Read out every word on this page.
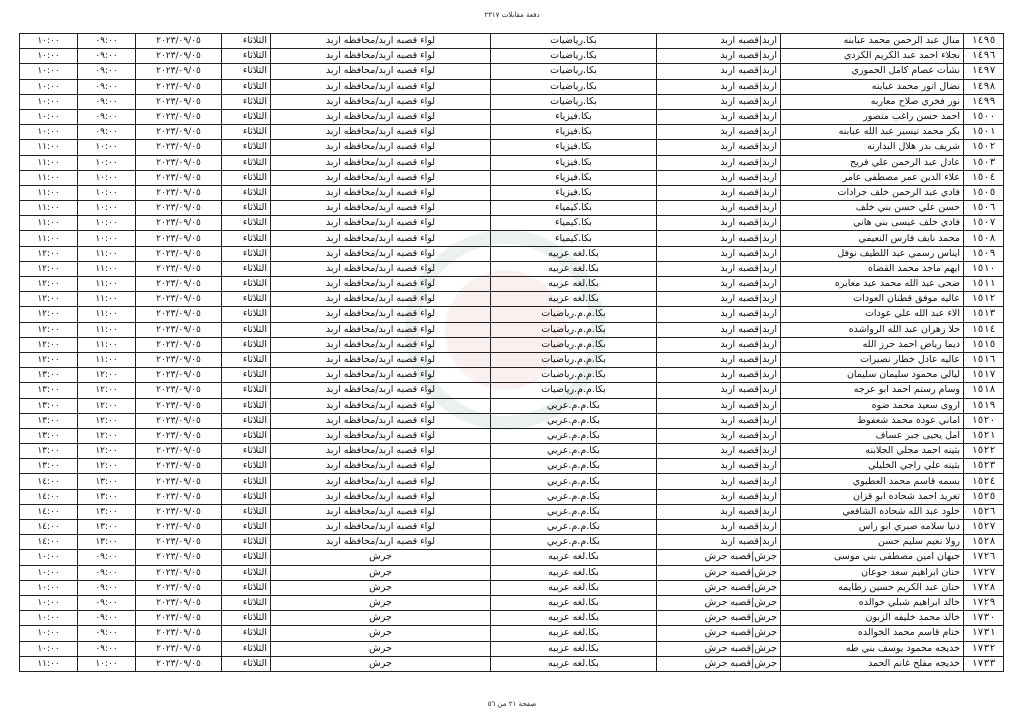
دفعة مقابلات ٢٣١٧
١٤٩٥	منال عبد الرحمن محمد عبابنه	اربد|قصبه اربد	بكا.رياضيات	لواء قصبه اربد/محافظه اربد	الثلاثاء	٢٠٢٣/٠٩/٠٥	٠٩:٠٠	١٠:٠٠
١٤٩٦	نجلاء احمد عبد الكريم الكردي	اربد|قصبه اربد	بكا.رياضيات	لواء قصبه اربد/محافظه اربد	الثلاثاء	٢٠٢٣/٠٩/٠٥	٠٩:٠٠	١٠:٠٠
١٤٩٧	نشأت عصام كامل الحموري	اربد|قصبه اربد	بكا.رياضيات	لواء قصبه اربد/محافظه اربد	الثلاثاء	٢٠٢٣/٠٩/٠٥	٠٩:٠٠	١٠:٠٠
١٤٩٨	نضال انور محمد عبابنه	اربد|قصبه اربد	بكا.رياضيات	لواء قصبه اربد/محافظه اربد	الثلاثاء	٢٠٢٣/٠٩/٠٥	٠٩:٠٠	١٠:٠٠
١٤٩٩	نور فخري صلاح معاربه	اربد|قصبه اربد	بكا.رياضيات	لواء قصبه اربد/محافظه اربد	الثلاثاء	٢٠٢٣/٠٩/٠٥	٠٩:٠٠	١٠:٠٠
١٥٠٠	احمد حسن راغب منصور	اربد|قصبه اربد	بكا.فيزياء	لواء قصبه اربد/محافظه اربد	الثلاثاء	٢٠٢٣/٠٩/٠٥	٠٩:٠٠	١٠:٠٠
١٥٠١	بكر محمد تيسير عبد الله عبابنه	اربد|قصبه اربد	بكا.فيزياء	لواء قصبه اربد/محافظه اربد	الثلاثاء	٢٠٢٣/٠٩/٠٥	٠٩:٠٠	١٠:٠٠
١٥٠٢	شريف بدر هلال البدارنه	اربد|قصبه اربد	بكا.فيزياء	لواء قصبه اربد/محافظه اربد	الثلاثاء	٢٠٢٣/٠٩/٠٥	١٠:٠٠	١١:٠٠
١٥٠٣	عادل عبد الرحمن علي فريح	اربد|قصبه اربد	بكا.فيزياء	لواء قصبه اربد/محافظه اربد	الثلاثاء	٢٠٢٣/٠٩/٠٥	١٠:٠٠	١١:٠٠
١٥٠٤	علاء الدين عمر مصطفى عامر	اربد|قصبه اربد	بكا.فيزياء	لواء قصبه اربد/محافظه اربد	الثلاثاء	٢٠٢٣/٠٩/٠٥	١٠:٠٠	١١:٠٠
١٥٠٥	فادي عبد الرحمن خلف جرادات	اربد|قصبه اربد	بكا.فيزياء	لواء قصبه اربد/محافظه اربد	الثلاثاء	٢٠٢٣/٠٩/٠٥	١٠:٠٠	١١:٠٠
١٥٠٦	حسن علي حسن بني خلف	اربد|قصبه اربد	بكا.كيمياء	لواء قصبه اربد/محافظه اربد	الثلاثاء	٢٠٢٣/٠٩/٠٥	١٠:٠٠	١١:٠٠
١٥٠٧	فادي خلف عيسى بني هاني	اربد|قصبه اربد	بكا.كيمياء	لواء قصبه اربد/محافظه اربد	الثلاثاء	٢٠٢٣/٠٩/٠٥	١٠:٠٠	١١:٠٠
١٥٠٨	محمد نايف فارس النعيمي	اربد|قصبه اربد	بكا.كيمياء	لواء قصبه اربد/محافظه اربد	الثلاثاء	٢٠٢٣/٠٩/٠٥	١٠:٠٠	١١:٠٠
١٥٠٩	ايناس رسمي عبد اللطيف نوفل	اربد|قصبه اربد	بكا.لغه عربيه	لواء قصبه اربد/محافظه اربد	الثلاثاء	٢٠٢٣/٠٩/٠٥	١١:٠٠	١٢:٠٠
١٥١٠	ايهم ماجد محمد القضاه	اربد|قصبه اربد	بكا.لغه عربيه	لواء قصبه اربد/محافظه اربد	الثلاثاء	٢٠٢٣/٠٩/٠٥	١١:٠٠	١٢:٠٠
١٥١١	ضحى عبد الله محمد عيد معابره	اربد|قصبه اربد	بكا.لغه عربيه	لواء قصبه اربد/محافظه اربد	الثلاثاء	٢٠٢٣/٠٩/٠٥	١١:٠٠	١٢:٠٠
١٥١٢	عاليه موفق قطنان العودات	اربد|قصبه اربد	بكا.لغه عربيه	لواء قصبه اربد/محافظه اربد	الثلاثاء	٢٠٢٣/٠٩/٠٥	١١:٠٠	١٢:٠٠
١٥١٣	الاء عبد الله علي عودات	اربد|قصبه اربد	بكا.م.م.رياضيات	لواء قصبه اربد/محافظه اربد	الثلاثاء	٢٠٢٣/٠٩/٠٥	١١:٠٠	١٢:٠٠
١٥١٤	حلا زهران عبد الله الرواشده	اربد|قصبه اربد	بكا.م.م.رياضيات	لواء قصبه اربد/محافظه اربد	الثلاثاء	٢٠٢٣/٠٩/٠٥	١١:٠٠	١٢:٠٠
١٥١٥	ديما رياض احمد حرز الله	اربد|قصبه اربد	بكا.م.م.رياضيات	لواء قصبه اربد/محافظه اربد	الثلاثاء	٢٠٢٣/٠٩/٠٥	١١:٠٠	١٢:٠٠
١٥١٦	عاليه عادل خطار نصيرات	اربد|قصبه اربد	بكا.م.م.رياضيات	لواء قصبه اربد/محافظه اربد	الثلاثاء	٢٠٢٣/٠٩/٠٥	١١:٠٠	١٢:٠٠
١٥١٧	ليالي محمود سليمان سليمان	اربد|قصبه اربد	بكا.م.م.رياضيات	لواء قصبه اربد/محافظه اربد	الثلاثاء	٢٠٢٣/٠٩/٠٥	١٢:٠٠	١٣:٠٠
١٥١٨	وسام رستم احمد ابو عرجه	اربد|قصبه اربد	بكا.م.م.رياضيات	لواء قصبه اربد/محافظه اربد	الثلاثاء	٢٠٢٣/٠٩/٠٥	١٢:٠٠	١٣:٠٠
١٥١٩	اروى سعيد محمد ضوه	اربد|قصبه اربد	بكا.م.م.عربي	لواء قصبه اربد/محافظه اربد	الثلاثاء	٢٠٢٣/٠٩/٠٥	١٢:٠٠	١٣:٠٠
١٥٢٠	اماني عوده محمد شعفوط	اربد|قصبه اربد	بكا.م.م.عربي	لواء قصبه اربد/محافظه اربد	الثلاثاء	٢٠٢٣/٠٩/٠٥	١٢:٠٠	١٣:٠٠
١٥٢١	امل يحيى جبر عساف	اربد|قصبه اربد	بكا.م.م.عربي	لواء قصبه اربد/محافظه اربد	الثلاثاء	٢٠٢٣/٠٩/٠٥	١٢:٠٠	١٣:٠٠
١٥٢٢	بثينه احمد مجلي الجلابنه	اربد|قصبه اربد	بكا.م.م.عربي	لواء قصبه اربد/محافظه اربد	الثلاثاء	٢٠٢٣/٠٩/٠٥	١٢:٠٠	١٣:٠٠
١٥٢٣	بثينه علي راجي الخليلي	اربد|قصبه اربد	بكا.م.م.عربي	لواء قصبه اربد/محافظه اربد	الثلاثاء	٢٠٢٣/٠٩/٠٥	١٢:٠٠	١٣:٠٠
١٥٢٤	بسمه قاسم محمد العطيوي	اربد|قصبه اربد	بكا.م.م.عربي	لواء قصبه اربد/محافظه اربد	الثلاثاء	٢٠٢٣/٠٩/٠٥	١٣:٠٠	١٤:٠٠
١٥٢٥	تغريد احمد شحاده ابو قزان	اربد|قصبه اربد	بكا.م.م.عربي	لواء قصبه اربد/محافظه اربد	الثلاثاء	٢٠٢٣/٠٩/٠٥	١٣:٠٠	١٤:٠٠
١٥٢٦	خلود عبد الله شحاده الشافعي	اربد|قصبه اربد	بكا.م.م.عربي	لواء قصبه اربد/محافظه اربد	الثلاثاء	٢٠٢٣/٠٩/٠٥	١٣:٠٠	١٤:٠٠
١٥٢٧	دنيا سلامه صبري ابو راس	اربد|قصبه اربد	بكا.م.م.عربي	لواء قصبه اربد/محافظه اربد	الثلاثاء	٢٠٢٣/٠٩/٠٥	١٣:٠٠	١٤:٠٠
١٥٢٨	رولا نعيم سليم حسن	اربد|قصبه اربد	بكا.م.م.عربي	لواء قصبه اربد/محافظه اربد	الثلاثاء	٢٠٢٣/٠٩/٠٥	١٣:٠٠	١٤:٠٠
١٧٢٦	جيهان امين مصطفى بني موسى	جرش|قصبه جرش	بكا.لغه عربيه	جرش	الثلاثاء	٢٠٢٣/٠٩/٠٥	٠٩:٠٠	١٠:٠٠
١٧٢٧	حنان ابراهيم سعد جوعان	جرش|قصبه جرش	بكا.لغه عربيه	جرش	الثلاثاء	٢٠٢٣/٠٩/٠٥	٠٩:٠٠	١٠:٠٠
١٧٢٨	حنان عبد الكريم حسين زطايمه	جرش|قصبه جرش	بكا.لغه عربيه	جرش	الثلاثاء	٢٠٢٣/٠٩/٠٥	٠٩:٠٠	١٠:٠٠
١٧٢٩	خالد ابراهيم شبلي خوالده	جرش|قصبه جرش	بكا.لغه عربيه	جرش	الثلاثاء	٢٠٢٣/٠٩/٠٥	٠٩:٠٠	١٠:٠٠
١٧٣٠	خالد محمد خليفه الزبون	جرش|قصبه جرش	بكا.لغه عربيه	جرش	الثلاثاء	٢٠٢٣/٠٩/٠٥	٠٩:٠٠	١٠:٠٠
١٧٣١	ختام قاسم محمد الخوالده	جرش|قصبه جرش	بكا.لغه عربيه	جرش	الثلاثاء	٢٠٢٣/٠٩/٠٥	٠٩:٠٠	١٠:٠٠
١٧٣٢	خديجه محمود يوسف بني طه	جرش|قصبه جرش	بكا.لغه عربيه	جرش	الثلاثاء	٢٠٢٣/٠٩/٠٥	٠٩:٠٠	١٠:٠٠
١٧٣٣	خديجه مفلح غانم الحمد	جرش|قصبه جرش	بكا.لغه عربيه	جرش	الثلاثاء	٢٠٢٣/٠٩/٠٥	١٠:٠٠	١١:٠٠
صفحة ٢١ من ٥٦
